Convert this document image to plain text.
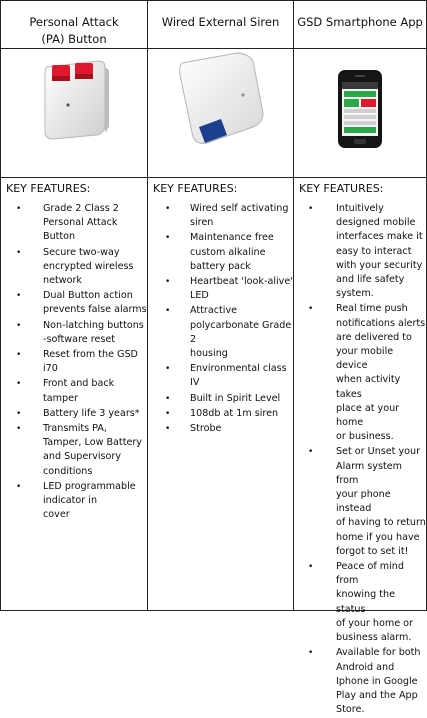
Personal Attack
(PA) Button
Wired External Siren	GSD Smartphone App
KEY FEATURES:
• Grade 2 Class 2
Personal Attack
Button
• Secure two-way
encrypted wireless
network
• Dual Button action
prevents false alarms
• Non-latching buttons
-software reset
• Reset from the GSD
i70
• Front and back
tamper
• Battery life 3 years*
• Transmits PA,
Tamper, Low Battery
and Supervisory
conditions
• LED programmable
indicator in
cover
KEY FEATURES:
• Wired self activating
siren
• Maintenance free
custom alkaline
battery pack
• Heartbeat 'look-alive'
LED
• Attractive
polycarbonate Grade 2
housing
• Environmental class
IV
• Built in Spirit Level
• 108db at 1m siren
• Strobe
KEY FEATURES:
• Intuitively
designed mobile
interfaces make it
easy to interact
with your security
and life safety
system.
• Real time push
notifications alerts
are delivered to
your mobile device
when activity takes
place at your home
or business.
• Set or Unset your
Alarm system from
your phone instead
of having to return
home if you have
forgot to set it!
• Peace of mind from
knowing the status
of your home or
business alarm.
• Available for both
Android and
Iphone in Google
Play and the App
Store.
